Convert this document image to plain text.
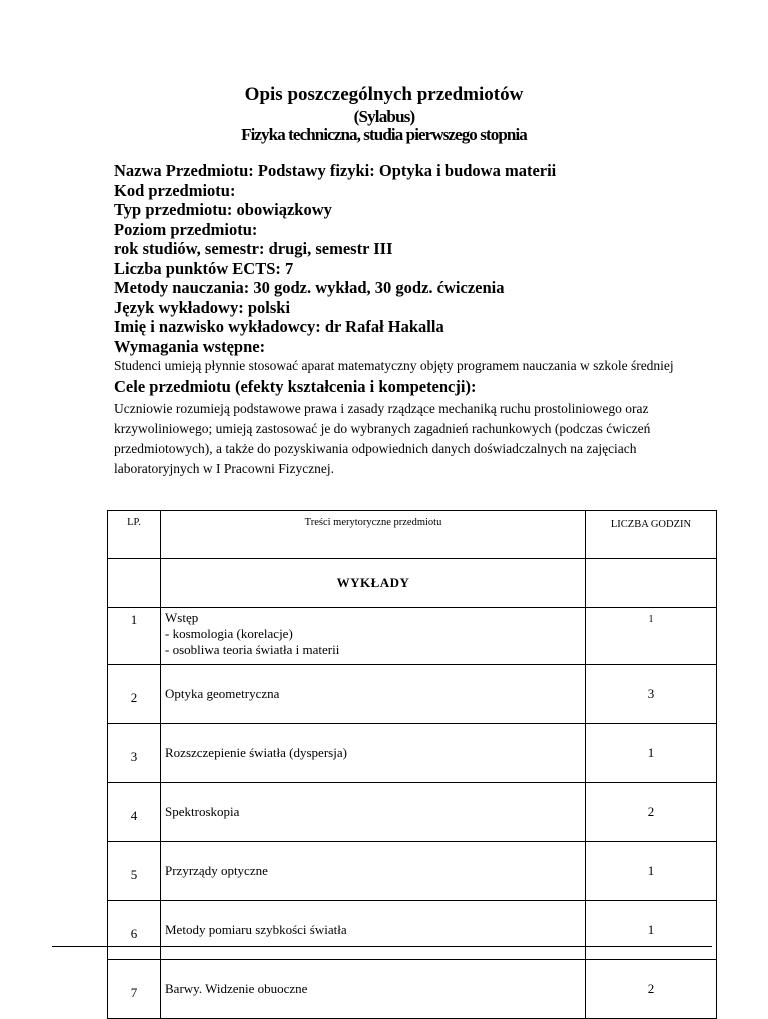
Opis poszczególnych przedmiotów
(Sylabus)
Fizyka techniczna, studia pierwszego stopnia
Nazwa Przedmiotu: Podstawy fizyki: Optyka i budowa materii
Kod przedmiotu:
Typ przedmiotu: obowiązkowy
Poziom przedmiotu:
rok studiów, semestr: drugi, semestr III
Liczba punktów ECTS: 7
Metody nauczania: 30 godz. wykład, 30 godz. ćwiczenia
Język wykładowy: polski
Imię i nazwisko wykładowcy: dr Rafał Hakalla
Wymagania wstępne:
Studenci umieją płynnie stosować aparat matematyczny objęty programem nauczania w szkole średniej
Cele przedmiotu (efekty kształcenia i kompetencji):
Uczniowie rozumieją podstawowe prawa i zasady rządzące mechaniką ruchu prostoliniowego oraz krzywoliniowego; umieją zastosować je do wybranych zagadnień rachunkowych (podczas ćwiczeń przedmiotowych), a także do pozyskiwania odpowiednich danych doświadczalnych na zajęciach laboratoryjnych w I Pracowni Fizycznej.
LP.	Treści merytoryczne przedmiotu	LICZBA GODZIN
	WYKŁADY	
1	Wstęp
- kosmologia (korelacje)
- osobliwa teoria światła i materii	1
2	Optyka geometryczna	3
3	Rozszczepienie światła (dyspersja)	1
4	Spektroskopia	2
5	Przyrządy optyczne	1
6	Metody pomiaru szybkości światła	1
7	Barwy. Widzenie obuoczne	2
